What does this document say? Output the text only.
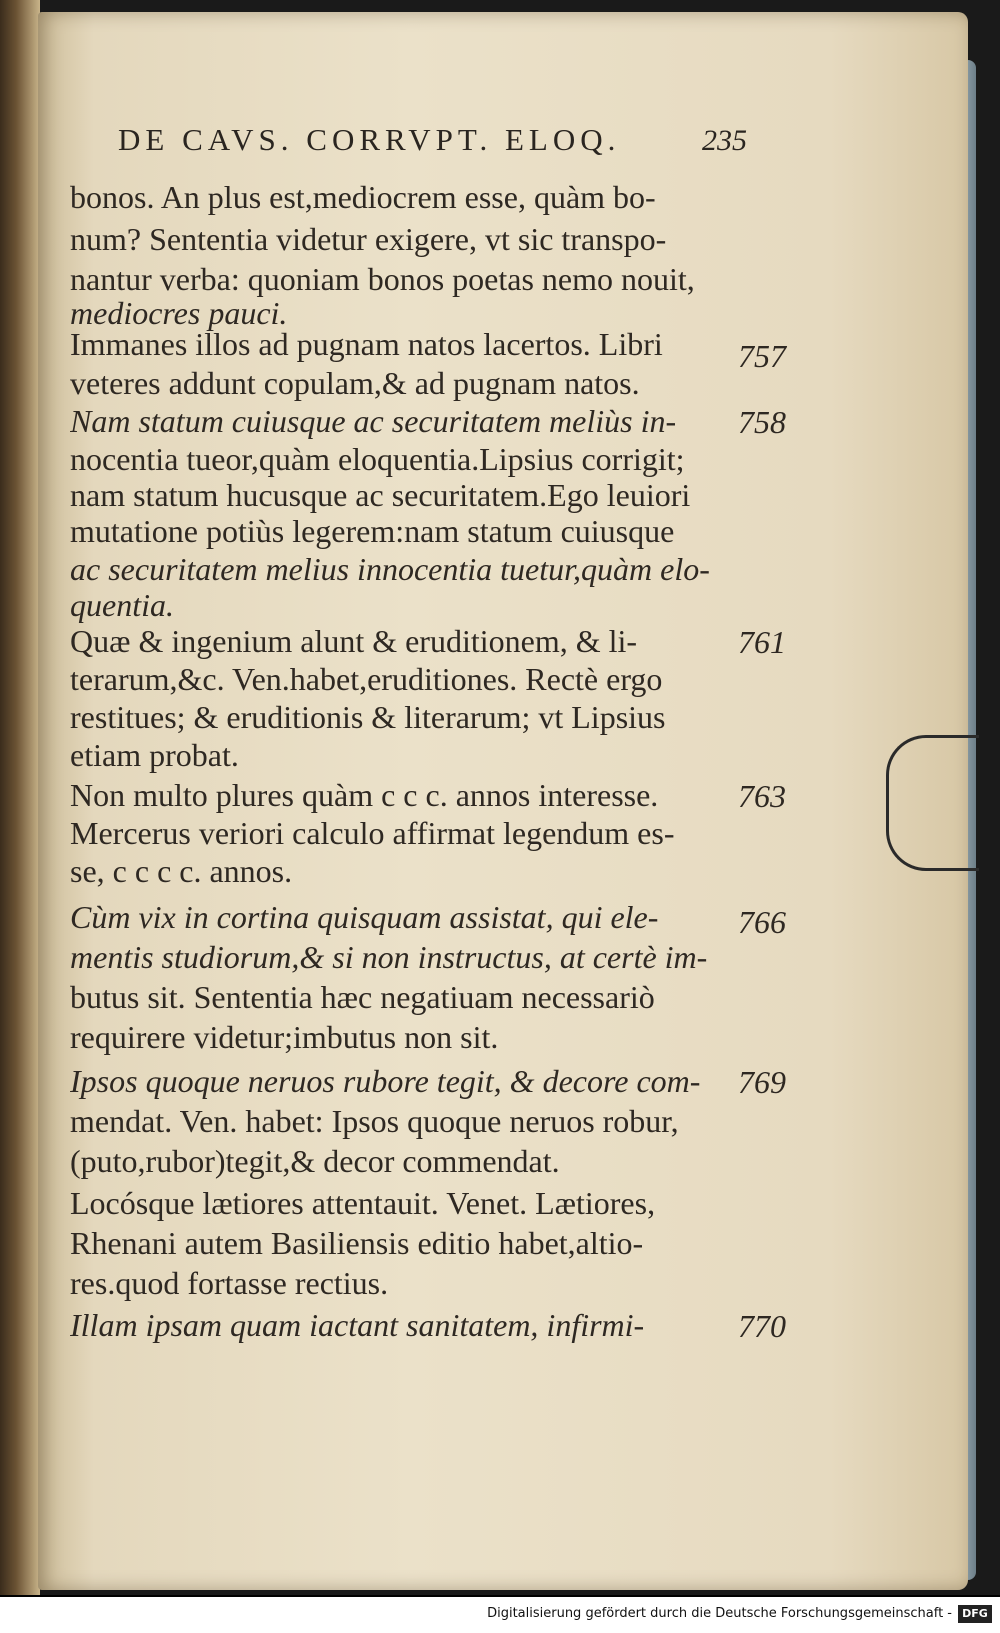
DE CAVS. CORRVPT. ELOQ.	235
bonos. An plus est,mediocrem esse, quàm bo-
num? Sententia videtur exigere, vt sic transpo-
nantur verba: quoniam bonos poetas nemo nouit,
mediocres pauci.
Immanes illos ad pugnam natos lacertos. Libri
veteres addunt copulam,& ad pugnam natos.
Nam statum cuiusque ac securitatem meliùs in-
nocentia tueor,quàm eloquentia.Lipsius corrigit;
nam statum hucusque ac securitatem.Ego leuiori
mutatione potiùs legerem:nam statum cuiusque
ac securitatem melius innocentia tuetur,quàm elo-
quentia.
Quæ & ingenium alunt & eruditionem, & li-
terarum,&c. Ven.habet,eruditiones. Rectè ergo
restitues; & eruditionis & literarum; vt Lipsius
etiam probat.
Non multo plures quàm c c c. annos interesse.
Mercerus veriori calculo affirmat legendum es-
se, c c c c. annos.
Cùm vix in cortina quisquam assistat, qui ele-
mentis studiorum,& si non instructus, at certè im-
butus sit. Sententia hæc negatiuam necessariò
requirere videtur;imbutus non sit.
Ipsos quoque neruos rubore tegit, & decore com-
mendat. Ven. habet: Ipsos quoque neruos robur,
(puto,rubor)tegit,& decor commendat.
Locósque lætiores attentauit. Venet. Lætiores,
Rhenani autem Basiliensis editio habet,altio-
res.quod fortasse rectius.
Illam ipsam quam iactant sanitatem, infirmi-
757
758
761
763
766
769
770
Digitalisierung gefördert durch die Deutsche Forschungsgemeinschaft - DFG
